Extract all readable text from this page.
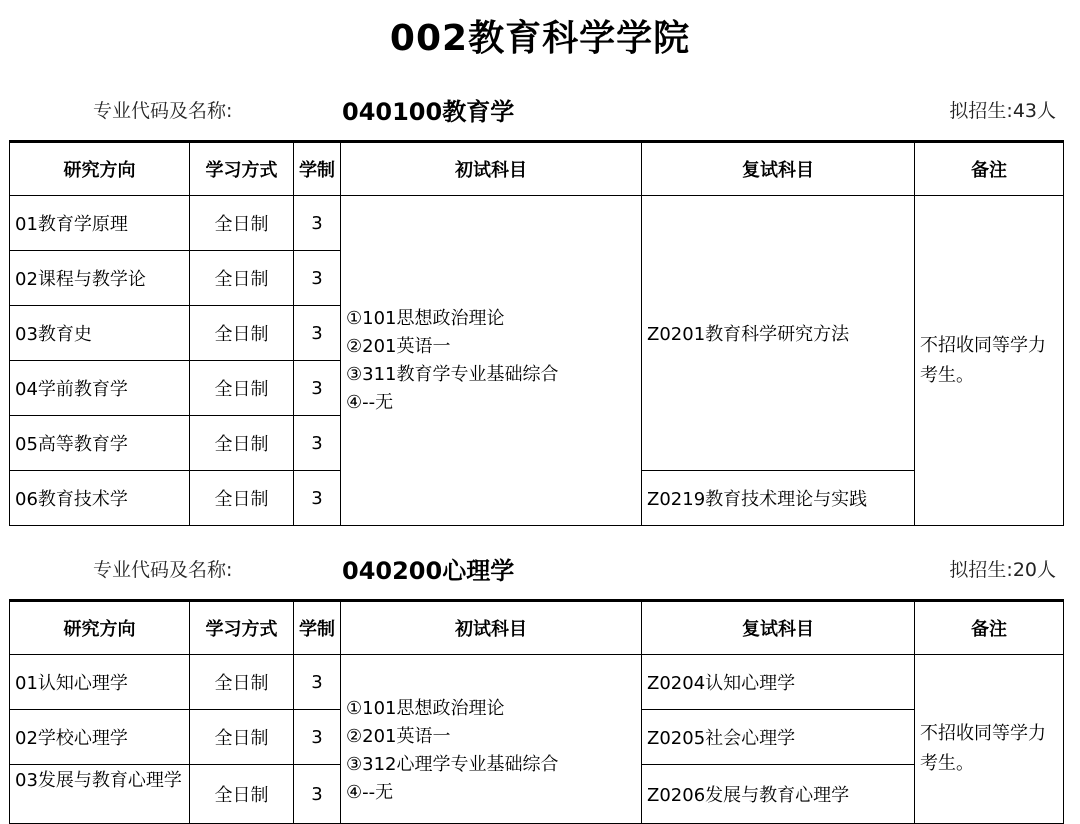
002教育科学学院
专业代码及名称:	040100教育学	拟招生:43人
研究方向	学习方式	学制	初试科目	复试科目	备注
01教育学原理	全日制	3	①101思想政治理论
②201英语一
③311教育学专业基础综合
④--无	Z0201教育科学研究方法	不招收同等学力考生。
02课程与教学论	全日制	3			
03教育史	全日制	3			
04学前教育学	全日制	3			
05高等教育学	全日制	3			
06教育技术学	全日制	3		Z0219教育技术理论与实践	
专业代码及名称:	040200心理学	拟招生:20人
研究方向	学习方式	学制	初试科目	复试科目	备注
01认知心理学	全日制	3	①101思想政治理论
②201英语一
③312心理学专业基础综合
④--无	Z0204认知心理学	不招收同等学力考生。
02学校心理学	全日制	3		Z0205社会心理学	
03发展与教育心理学	全日制	3		Z0206发展与教育心理学	
